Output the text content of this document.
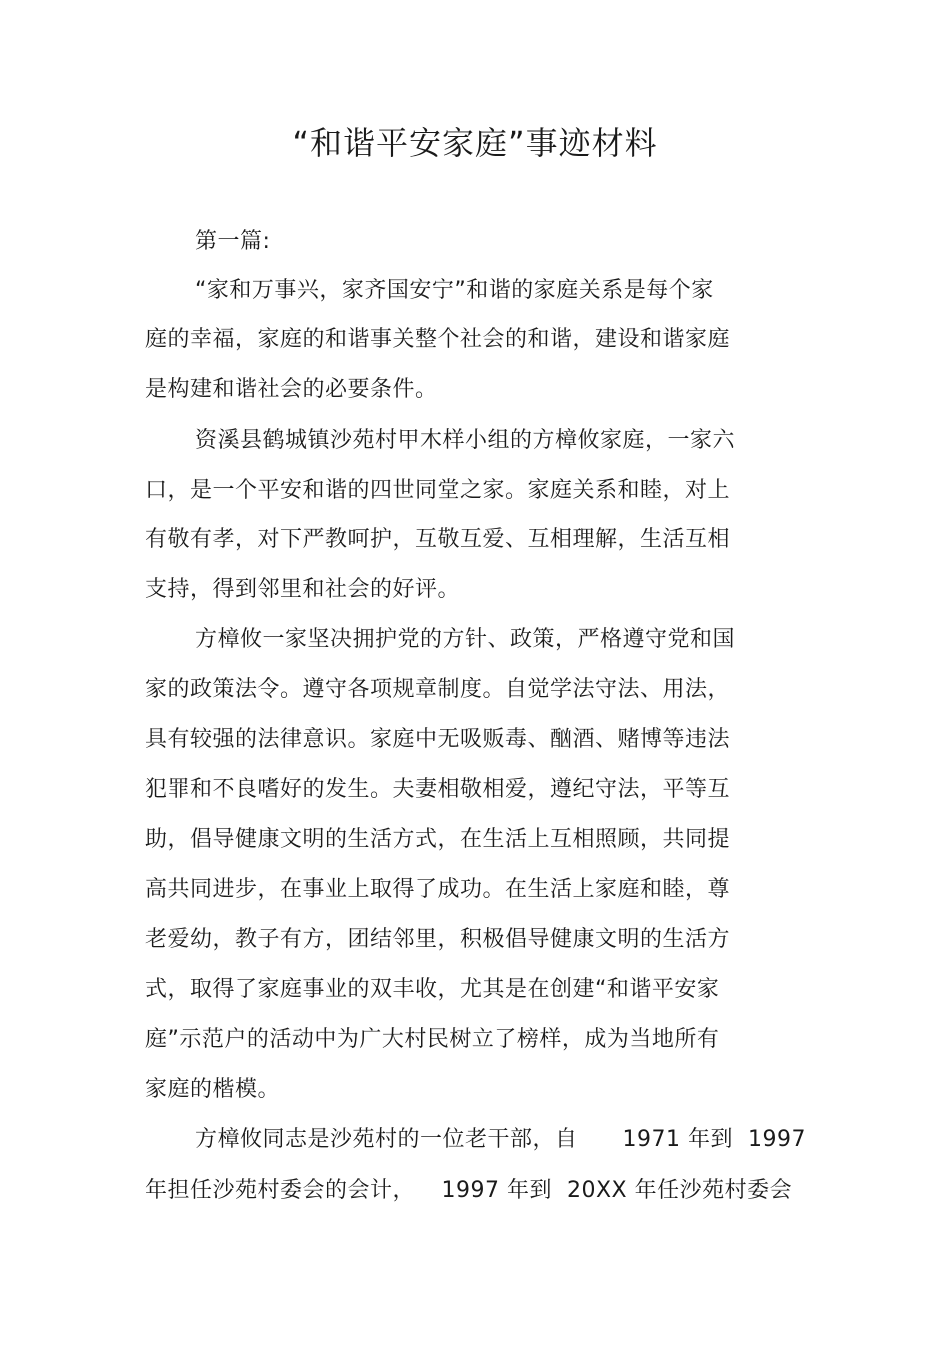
“和谐平安家庭”事迹材料
第一篇:
“家和万事兴，家齐国安宁”和谐的家庭关系是每个家
庭的幸福，家庭的和谐事关整个社会的和谐，建设和谐家庭
是构建和谐社会的必要条件。
资溪县鹤城镇沙苑村甲木样小组的方樟攸家庭，一家六
口，是一个平安和谐的四世同堂之家。家庭关系和睦，对上
有敬有孝，对下严教呵护，互敬互爱、互相理解，生活互相
支持，得到邻里和社会的好评。
方樟攸一家坚决拥护党的方针、政策，严格遵守党和国
家的政策法令。遵守各项规章制度。自觉学法守法、用法，
具有较强的法律意识。家庭中无吸贩毒、酗酒、赌博等违法
犯罪和不良嗜好的发生。夫妻相敬相爱，遵纪守法，平等互
助，倡导健康文明的生活方式，在生活上互相照顾，共同提
高共同进步，在事业上取得了成功。在生活上家庭和睦，尊
老爱幼，教子有方，团结邻里，积极倡导健康文明的生活方
式，取得了家庭事业的双丰收，尤其是在创建“和谐平安家
庭”示范户的活动中为广大村民树立了榜样，成为当地所有
家庭的楷模。
方樟攸同志是沙苑村的一位老干部，自　　1971 年到  1997
年担任沙苑村委会的会计，　  1997 年到  20XX 年任沙苑村委会
